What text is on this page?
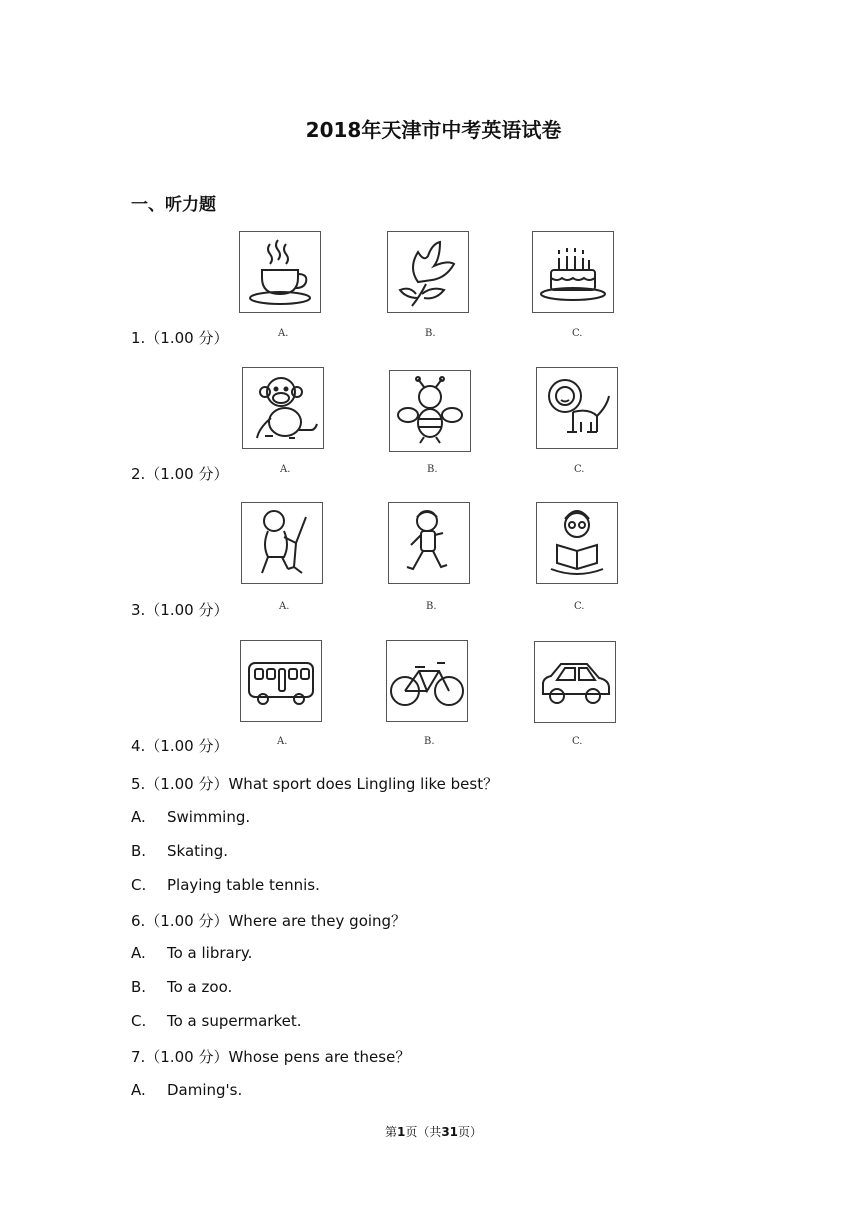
2018年天津市中考英语试卷
一、听力题
A.	B.	C.
A.	B.	C.
A.	B.	C.
A.	B.	C.
1.（1.00 分）
2.（1.00 分）
3.（1.00 分）
4.（1.00 分）
5.（1.00 分）What sport does Lingling like best？
A. Swimming.
B. Skating.
C. Playing table tennis.
6.（1.00 分）Where are they going？
A. To a library.
B. To a zoo.
C. To a supermarket.
7.（1.00 分）Whose pens are these？
A. Daming's.
第1页（共31页）
